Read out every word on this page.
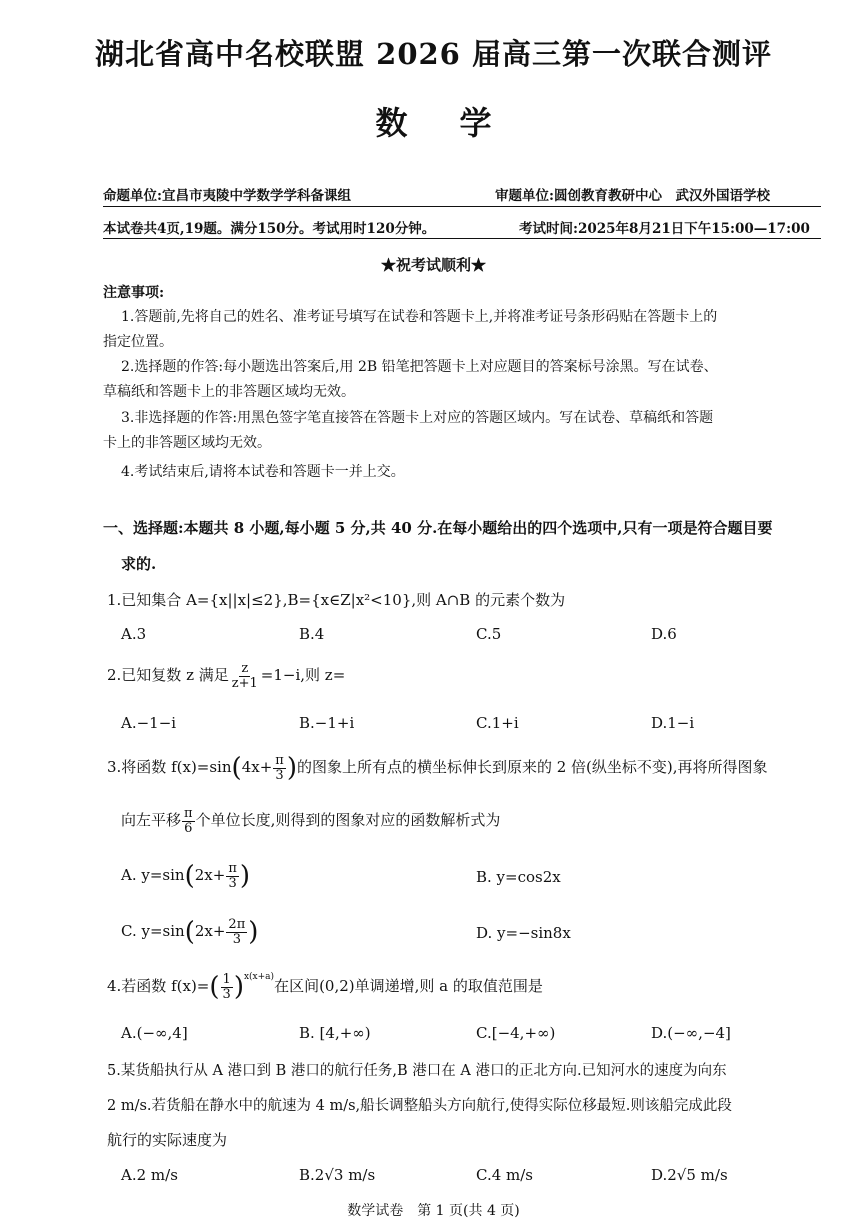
湖北省高中名校联盟 2026 届高三第一次联合测评
数学
命题单位:宜昌市夷陵中学数学学科备课组	审题单位:圆创教育教研中心　武汉外国语学校
本试卷共4页,19题。满分150分。考试用时120分钟。	考试时间:2025年8月21日下午15:00—17:00
★祝考试顺利★
注意事项:
1.答题前,先将自己的姓名、准考证号填写在试卷和答题卡上,并将准考证号条形码贴在答题卡上的
指定位置。
2.选择题的作答:每小题选出答案后,用 2B 铅笔把答题卡上对应题目的答案标号涂黑。写在试卷、
草稿纸和答题卡上的非答题区域均无效。
3.非选择题的作答:用黑色签字笔直接答在答题卡上对应的答题区域内。写在试卷、草稿纸和答题
卡上的非答题区域均无效。
4.考试结束后,请将本试卷和答题卡一并上交。
一、选择题:本题共 8 小题,每小题 5 分,共 40 分.在每小题给出的四个选项中,只有一项是符合题目要
求的.
1.已知集合 A={x||x|≤2},B={x∈Z|x²<10},则 A∩B 的元素个数为
A.3	B.4	C.5	D.6
2.已知复数 z 满足 $\frac{z}{z+1} =1-i$,则 z=
A.−1−i	B.−1+i	C.1+i	D.1−i
3.将函数 $f(x)=\sin(4x+ \frac{\pi}{3}$ )的图象上所有点的横坐标伸长到原来的 2 倍(纵坐标不变),再将所得图象
向左平移 $\frac{\pi}{6}$ 个单位长度,则得到的图象对应的函数解析式为
A. $y=\sin(2x+ \frac{\pi}{3}$ )	B. y=cos2x
C. $y=\sin(2x+ \frac{2\pi}{3}$ )	D. y=−sin8x
4.若函数 $f(x)=( \frac{1}{3} )^{x(x+a)}$在区间(0,2)单调递增,则 a 的取值范围是
A.(−∞,4]	B. [4,+∞)	C.[−4,+∞)	D.(−∞,−4]
5.某货船执行从 A 港口到 B 港口的航行任务,B 港口在 A 港口的正北方向.已知河水的速度为向东
2 m/s.若货船在静水中的航速为 4 m/s,船长调整船头方向航行,使得实际位移最短.则该船完成此段
航行的实际速度为
A.2 m/s	B.2√3 m/s	C.4 m/s	D.2√5 m/s
数学试卷　第 1 页(共 4 页)
